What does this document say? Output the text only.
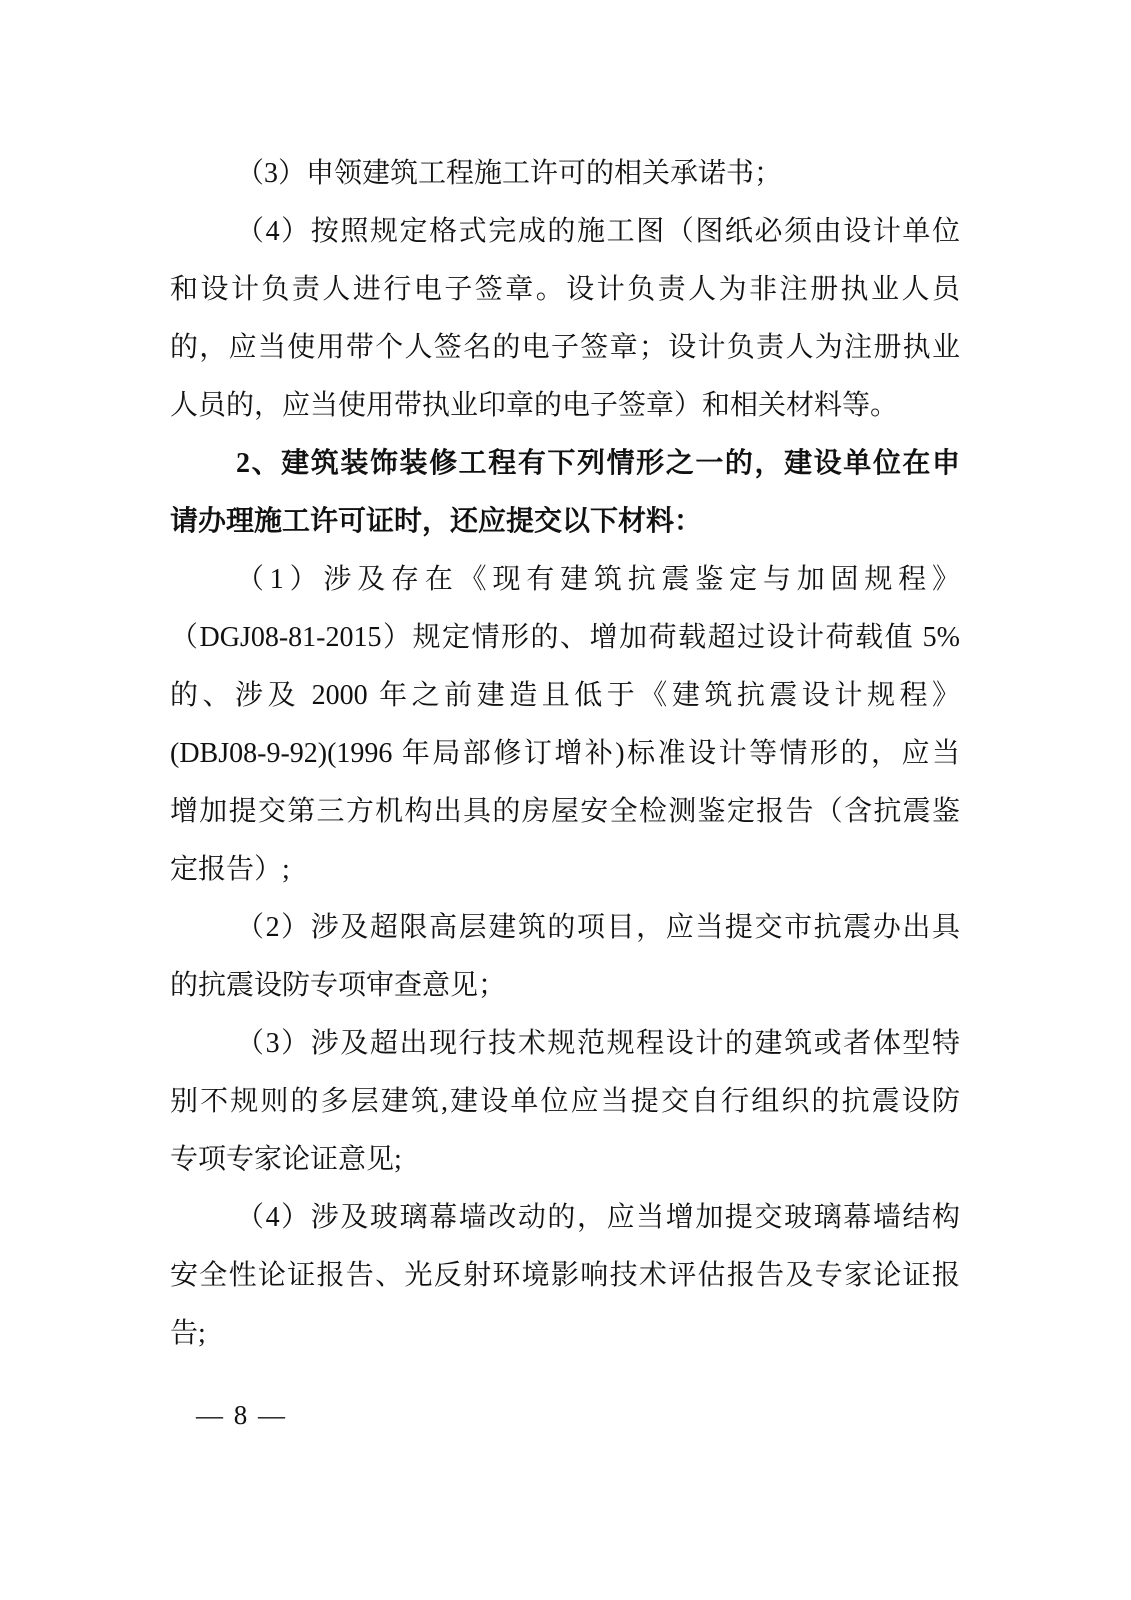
（3）申领建筑工程施工许可的相关承诺书；
（4）按照规定格式完成的施工图（图纸必须由设计单位
和设计负责人进行电子签章。设计负责人为非注册执业人员
的，应当使用带个人签名的电子签章；设计负责人为注册执业
人员的，应当使用带执业印章的电子签章）和相关材料等。
2、建筑装饰装修工程有下列情形之一的，建设单位在申
请办理施工许可证时，还应提交以下材料：
（1）涉及存在《现有建筑抗震鉴定与加固规程》
（DGJ08-81-2015）规定情形的、增加荷载超过设计荷载值 5%
的、涉及 2000 年之前建造且低于《建筑抗震设计规程》
(DBJ08-9-92)(1996 年局部修订增补)标准设计等情形的，应当
增加提交第三方机构出具的房屋安全检测鉴定报告（含抗震鉴
定报告）;
（2）涉及超限高层建筑的项目，应当提交市抗震办出具
的抗震设防专项审查意见；
（3）涉及超出现行技术规范规程设计的建筑或者体型特
别不规则的多层建筑,建设单位应当提交自行组织的抗震设防
专项专家论证意见;
（4）涉及玻璃幕墙改动的，应当增加提交玻璃幕墙结构
安全性论证报告、光反射环境影响技术评估报告及专家论证报
告;
— 8 —
